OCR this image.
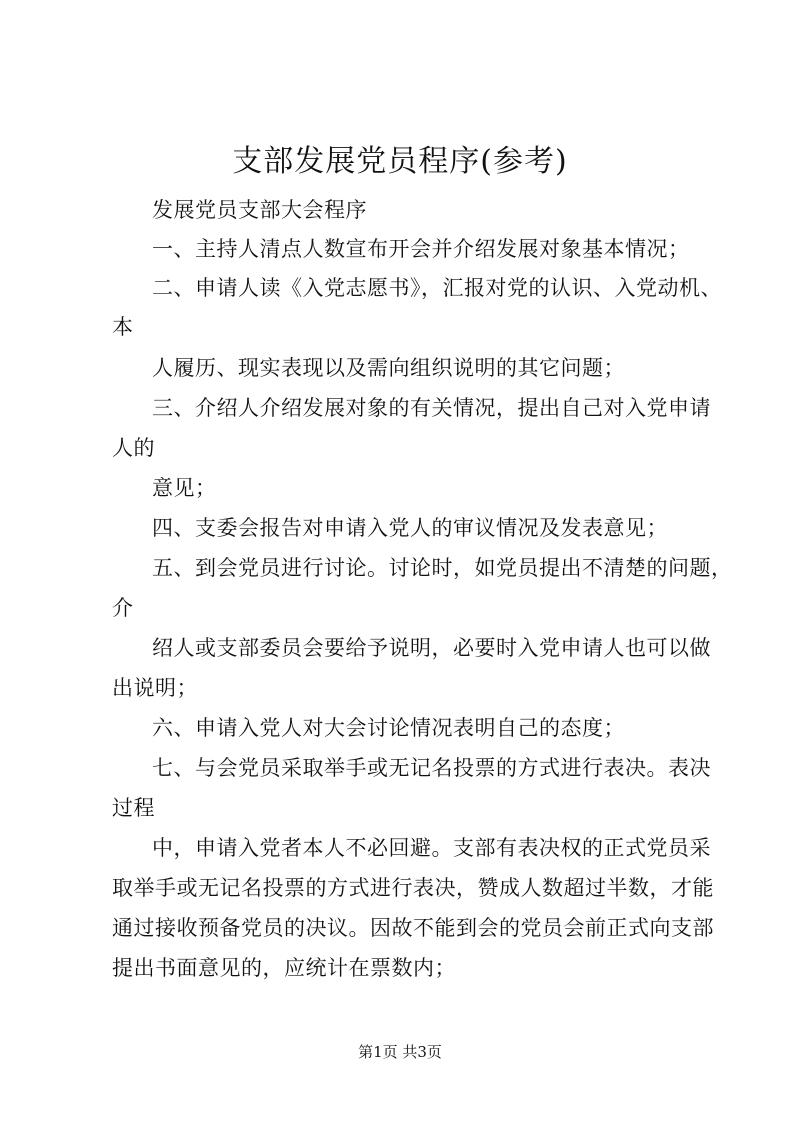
支部发展党员程序(参考)
发展党员支部大会程序
一、主持人清点人数宣布开会并介绍发展对象基本情况；
二、申请人读《入党志愿书》，汇报对党的认识、入党动机、
本
人履历、现实表现以及需向组织说明的其它问题；
三、介绍人介绍发展对象的有关情况，提出自己对入党申请
人的
意见；
四、支委会报告对申请入党人的审议情况及发表意见；
五、到会党员进行讨论。讨论时，如党员提出不清楚的问题，
介
绍人或支部委员会要给予说明，必要时入党申请人也可以做
出说明；
六、申请入党人对大会讨论情况表明自己的态度；
七、与会党员采取举手或无记名投票的方式进行表决。表决
过程
中，申请入党者本人不必回避。支部有表决权的正式党员采
取举手或无记名投票的方式进行表决，赞成人数超过半数，才能
通过接收预备党员的决议。因故不能到会的党员会前正式向支部
提出书面意见的，应统计在票数内；
第1页 共3页
